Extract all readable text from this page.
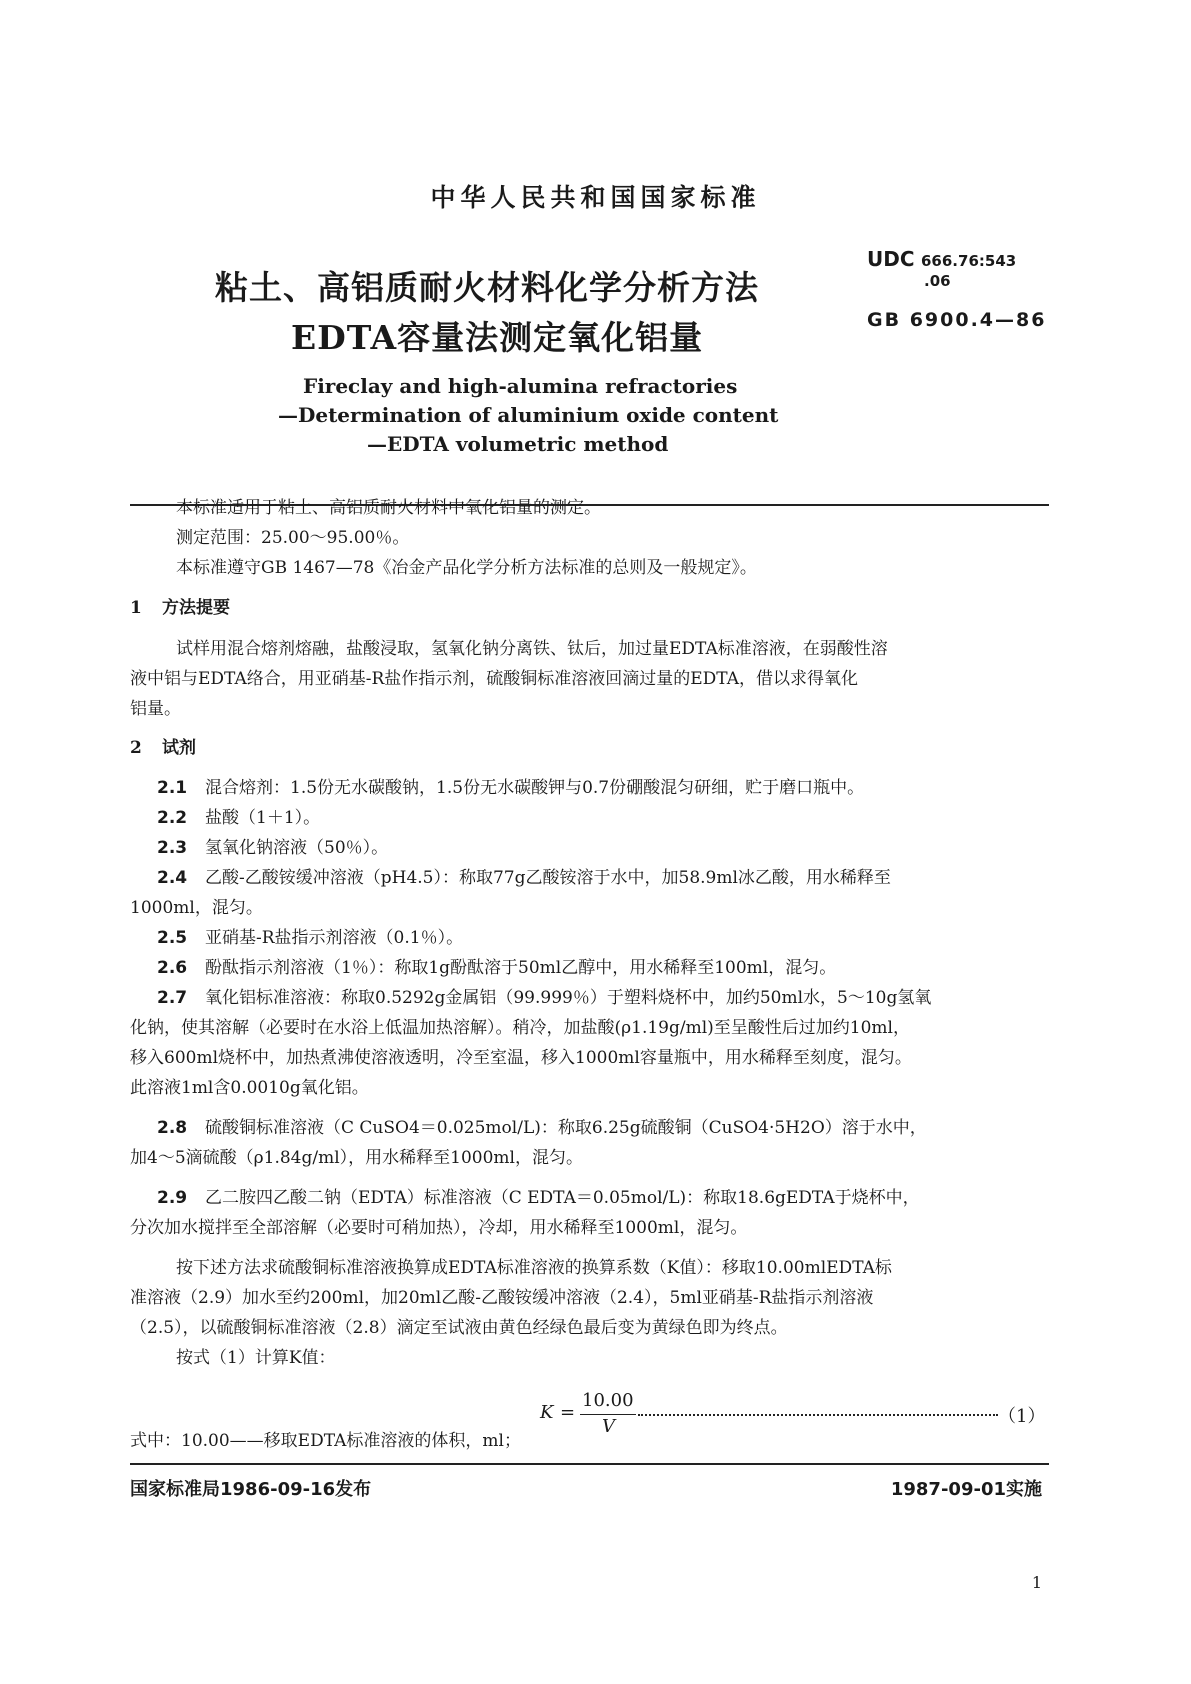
中华人民共和国国家标准
粘土、高铝质耐火材料化学分析方法
EDTA容量法测定氧化铝量
UDC 666.76:543
.06
GB 6900.4—86
Fireclay and high-alumina refractories
—Determination of aluminium oxide content
—EDTA volumetric method
本标准适用于粘土、高铝质耐火材料中氧化铝量的测定。
测定范围：25.00～95.00％。
本标准遵守GB 1467—78《冶金产品化学分析方法标准的总则及一般规定》。
1 方法提要
试样用混合熔剂熔融，盐酸浸取，氢氧化钠分离铁、钛后，加过量EDTA标准溶液，在弱酸性溶
液中铝与EDTA络合，用亚硝基-R盐作指示剂，硫酸铜标准溶液回滴过量的EDTA，借以求得氧化
铝量。
2 试剂
2.1 混合熔剂：1.5份无水碳酸钠，1.5份无水碳酸钾与0.7份硼酸混匀研细，贮于磨口瓶中。
2.2 盐酸（1＋1）。
2.3 氢氧化钠溶液（50％）。
2.4 乙酸-乙酸铵缓冲溶液（pH4.5）：称取77g乙酸铵溶于水中，加58.9ml冰乙酸，用水稀释至
1000ml，混匀。
2.5 亚硝基-R盐指示剂溶液（0.1％）。
2.6 酚酞指示剂溶液（1％）：称取1g酚酞溶于50ml乙醇中，用水稀释至100ml，混匀。
2.7 氧化铝标准溶液：称取0.5292g金属铝（99.999％）于塑料烧杯中，加约50ml水，5～10g氢氧
化钠，使其溶解（必要时在水浴上低温加热溶解）。稍冷，加盐酸(ρ1.19g/ml)至呈酸性后过加约10ml，
移入600ml烧杯中，加热煮沸使溶液透明，冷至室温，移入1000ml容量瓶中，用水稀释至刻度，混匀。
此溶液1ml含0.0010g氧化铝。
2.8 硫酸铜标准溶液（C CuSO4＝0.025mol/L)：称取6.25g硫酸铜（CuSO4·5H2O）溶于水中，
加4～5滴硫酸（ρ1.84g/ml），用水稀释至1000ml，混匀。
2.9 乙二胺四乙酸二钠（EDTA）标准溶液（C EDTA＝0.05mol/L)：称取18.6gEDTA于烧杯中，
分次加水搅拌至全部溶解（必要时可稍加热），冷却，用水稀释至1000ml，混匀。
按下述方法求硫酸铜标准溶液换算成EDTA标准溶液的换算系数（K值）：移取10.00mlEDTA标
准溶液（2.9）加水至约200ml，加20ml乙酸-乙酸铵缓冲溶液（2.4），5ml亚硝基-R盐指示剂溶液
（2.5），以硫酸铜标准溶液（2.8）滴定至试液由黄色经绿色最后变为黄绿色即为终点。
按式（1）计算K值：
K =
10.00
V	（1）
式中：10.00——移取EDTA标准溶液的体积，ml；
国家标准局1986-09-16发布	1987-09-01实施
1
